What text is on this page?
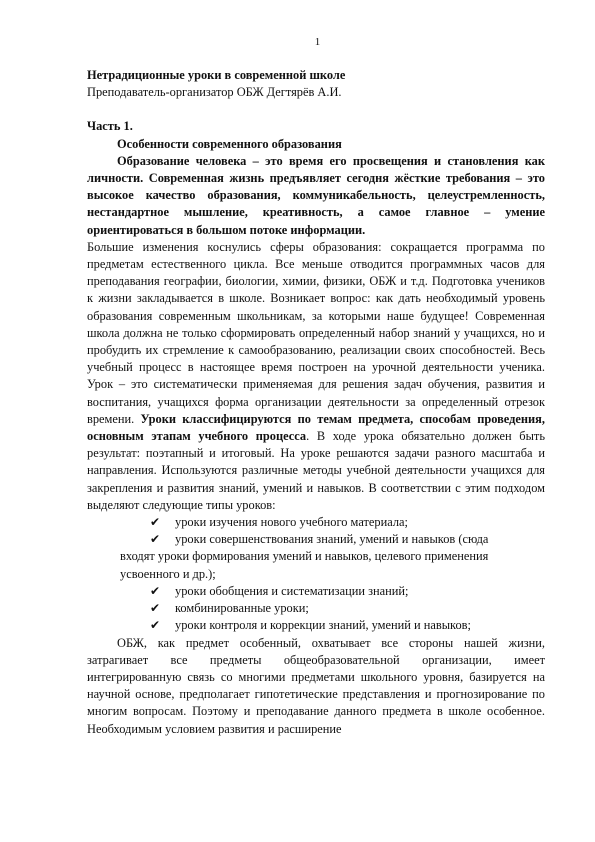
1

Нетрадиционные уроки в современной школе

Преподаватель-организатор ОБЖ Дегтярёв А.И.

Часть 1.

Особенности современного образования

Образование человека – это время его просвещения и становления как личности. Современная жизнь предъявляет сегодня жёсткие требования – это высокое качество образования, коммуникабельность, целеустремленность, нестандартное мышление, креативность, а самое главное – умение ориентироваться в большом потоке информации.

Большие изменения коснулись сферы образования: сокращается программа по предметам естественного цикла. Все меньше отводится программных часов для преподавания географии, биологии, химии, физики, ОБЖ и т.д. Подготовка учеников к жизни закладывается в школе. Возникает вопрос: как дать необходимый уровень образования современным школьникам, за которыми наше будущее! Современная школа должна не только сформировать определенный набор знаний у учащихся, но и пробудить их стремление к самообразованию, реализации своих способностей. Весь учебный процесс в настоящее время построен на урочной деятельности ученика. Урок – это систематически применяемая для решения задач обучения, развития и воспитания, учащихся форма организации деятельности за определенный отрезок времени. Уроки классифицируются по темам предмета, способам проведения, основным этапам учебного процесса. В ходе урока обязательно должен быть результат: поэтапный и итоговый. На уроке решаются задачи разного масштаба и направления. Используются различные методы учебной деятельности учащихся для закрепления и развития знаний, умений и навыков. В соответствии с этим подходом выделяют следующие типы уроков:

✔ уроки изучения нового учебного материала;
✔ уроки совершенствования знаний, умений и навыков (сюда
входят уроки формирования умений и навыков, целевого применения усвоенного и др.);
✔ уроки обобщения и систематизации знаний;
✔ комбинированные уроки;
✔ уроки контроля и коррекции знаний, умений и навыков;

ОБЖ, как предмет особенный, охватывает все стороны нашей жизни, затрагивает все предметы общеобразовательной организации, имеет интегрированную связь со многими предметами школьного уровня, базируется на научной основе, предполагает гипотетические представления и прогнозирование по многим вопросам. Поэтому и преподавание данного предмета в школе особенное. Необходимым условием развития и расширение
